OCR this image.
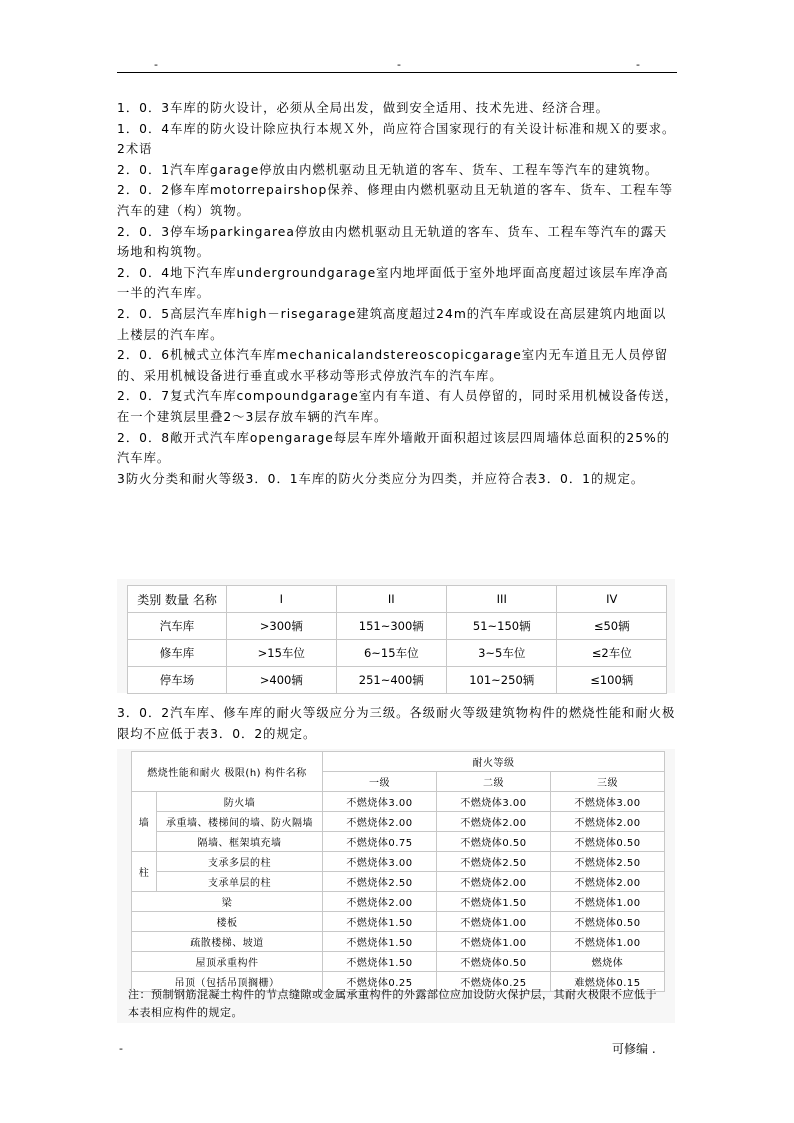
-	-	-

1．0．3车库的防火设计，必须从全局出发，做到安全适用、技术先进、经济合理。

1．0．4车库的防火设计除应执行本规Ｘ外，尚应符合国家现行的有关设计标准和规Ｘ的要求。

2术语

2．0．1汽车库garage停放由内燃机驱动且无轨道的客车、货车、工程车等汽车的建筑物。

2．0．2修车库motorrepairshop保养、修理由内燃机驱动且无轨道的客车、货车、工程车等汽车的建（构）筑物。

2．0．3停车场parkingarea停放由内燃机驱动且无轨道的客车、货车、工程车等汽车的露天场地和构筑物。

2．0．4地下汽车库undergroundgarage室内地坪面低于室外地坪面高度超过该层车库净高一半的汽车库。

2．0．5高层汽车库high－risegarage建筑高度超过24m的汽车库或设在高层建筑内地面以上楼层的汽车库。

2．0．6机械式立体汽车库mechanicalandstereoscopicgarage室内无车道且无人员停留的、采用机械设备进行垂直或水平移动等形式停放汽车的汽车库。

2．0．7复式汽车库compoundgarage室内有车道、有人员停留的，同时采用机械设备传送，在一个建筑层里叠2～3层存放车辆的汽车库。

2．0．8敞开式汽车库opengarage每层车库外墙敞开面积超过该层四周墙体总面积的25%的汽车库。

3防火分类和耐火等级3．0．1车库的防火分类应分为四类，并应符合表3．0．1的规定。

类别 数量 名称	I	II	III	IV
汽车库	>300辆	151~300辆	51~150辆	≤50辆
修车库	>15车位	6~15车位	3~5车位	≤2车位
停车场	>400辆	251~400辆	101~250辆	≤100辆

3．0．2汽车库、修车库的耐火等级应分为三级。各级耐火等级建筑物构件的燃烧性能和耐火极限均不应低于表3．0．2的规定。

燃烧性能和耐火 极限(h) 构件名称		耐火等级		
		一级	二级	三级
墙	防火墙	不燃烧体3.00	不燃烧体3.00	不燃烧体3.00
	承重墙、楼梯间的墙、防火隔墙	不燃烧体2.00	不燃烧体2.00	不燃烧体2.00
	隔墙、框架填充墙	不燃烧体0.75	不燃烧体0.50	不燃烧体0.50
柱	支承多层的柱	不燃烧体3.00	不燃烧体2.50	不燃烧体2.50
	支承单层的柱	不燃烧体2.50	不燃烧体2.00	不燃烧体2.00
梁		不燃烧体2.00	不燃烧体1.50	不燃烧体1.00
楼板		不燃烧体1.50	不燃烧体1.00	不燃烧体0.50
疏散楼梯、坡道		不燃烧体1.50	不燃烧体1.00	不燃烧体1.00
屋顶承重构件		不燃烧体1.50	不燃烧体0.50	燃烧体
吊顶（包括吊顶搁栅）		不燃烧体0.25	不燃烧体0.25	难燃烧体0.15
注：预制钢筋混凝土构件的节点缝隙或金属承重构件的外露部位应加设防火保护层，其耐火极限不应低于本表相应构件的规定。
-	可修编 .
